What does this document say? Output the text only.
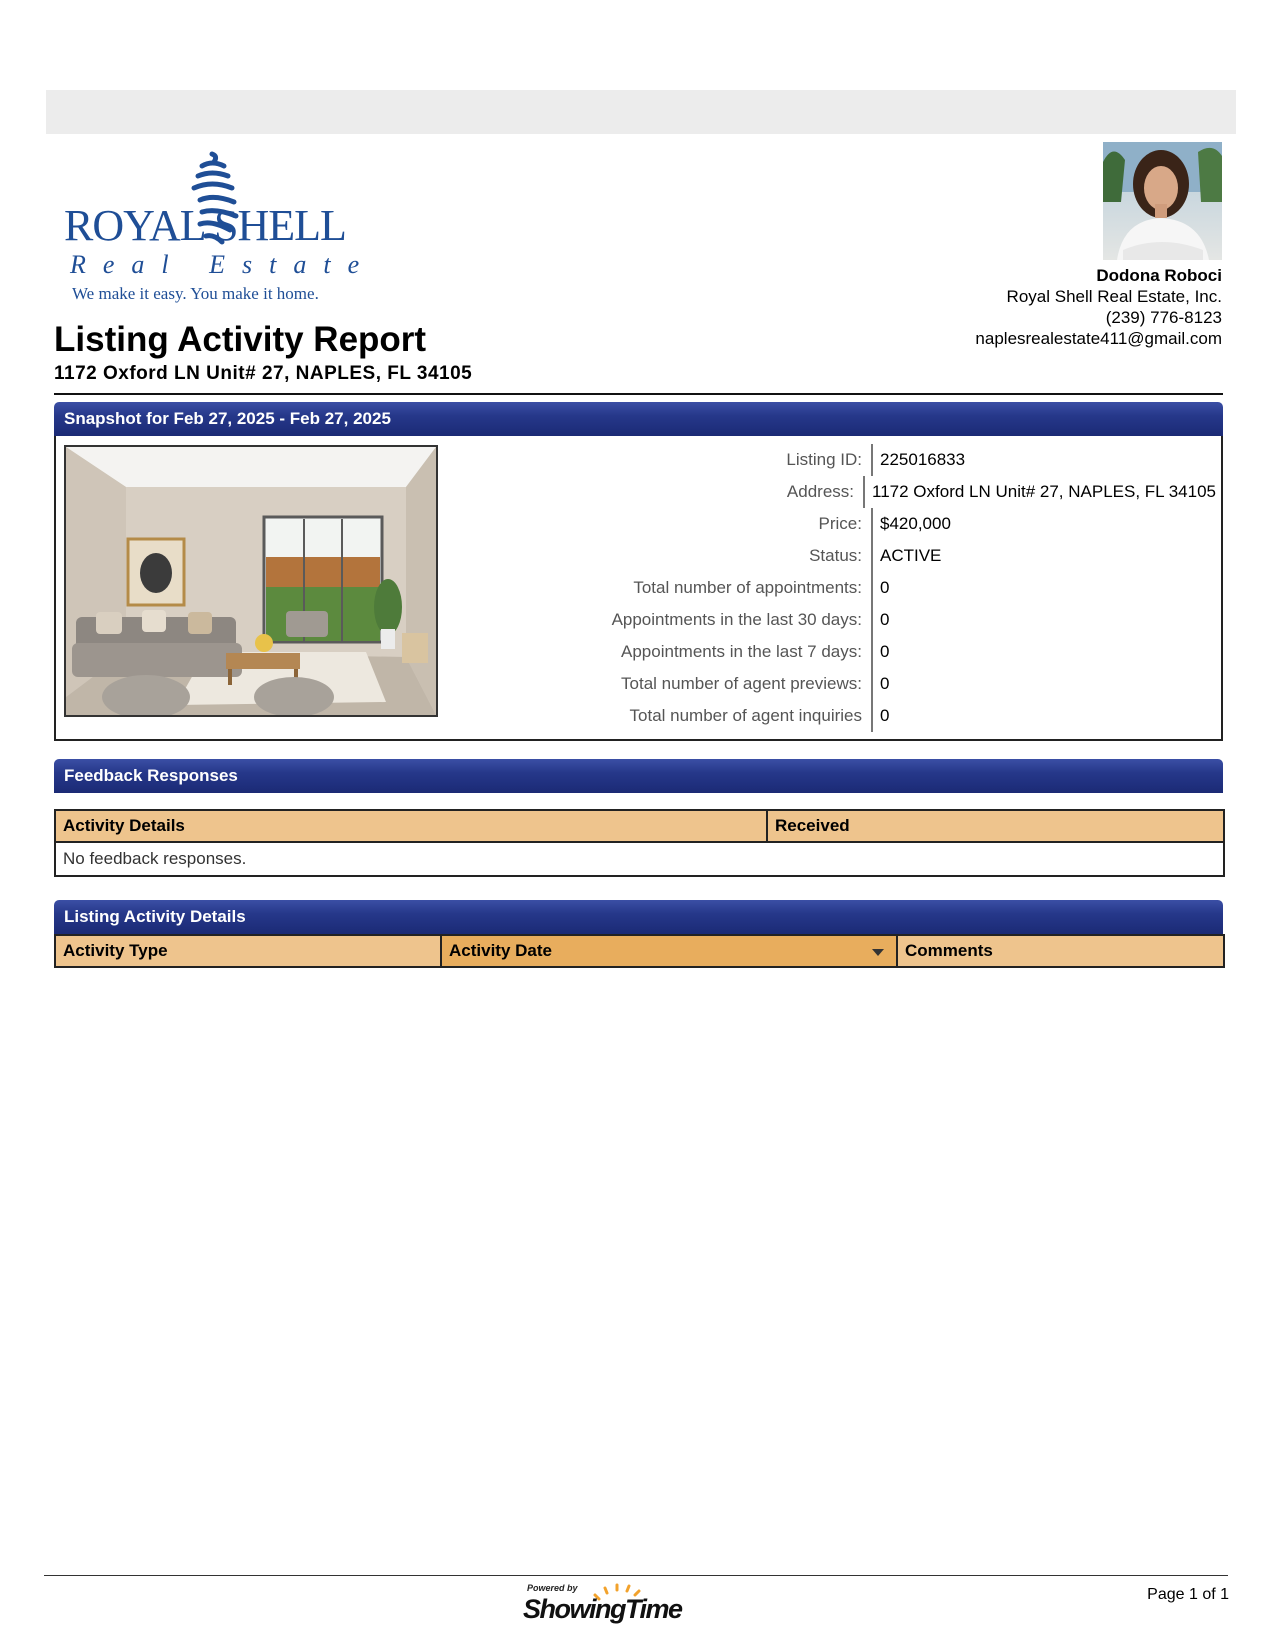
ROYAL SHELL
Real Estate
We make it easy. You make it home.
Dodona Roboci
Royal Shell Real Estate, Inc.
(239) 776-8123
naplesrealestate411@gmail.com
Listing Activity Report
1172 Oxford LN Unit# 27, NAPLES, FL 34105
Snapshot for Feb 27, 2025 - Feb 27, 2025
Listing ID:	225016833
Address:	1172 Oxford LN Unit# 27, NAPLES, FL 34105
Price:	$420,000
Status:	ACTIVE
Total number of appointments:	0
Appointments in the last 30 days:	0
Appointments in the last 7 days:	0
Total number of agent previews:	0
Total number of agent inquiries	0
Feedback Responses
Activity Details	Received
No feedback responses.
Listing Activity Details
Activity Type	Activity Date	Comments
Powered by
ShowingTime	Page 1 of 1
